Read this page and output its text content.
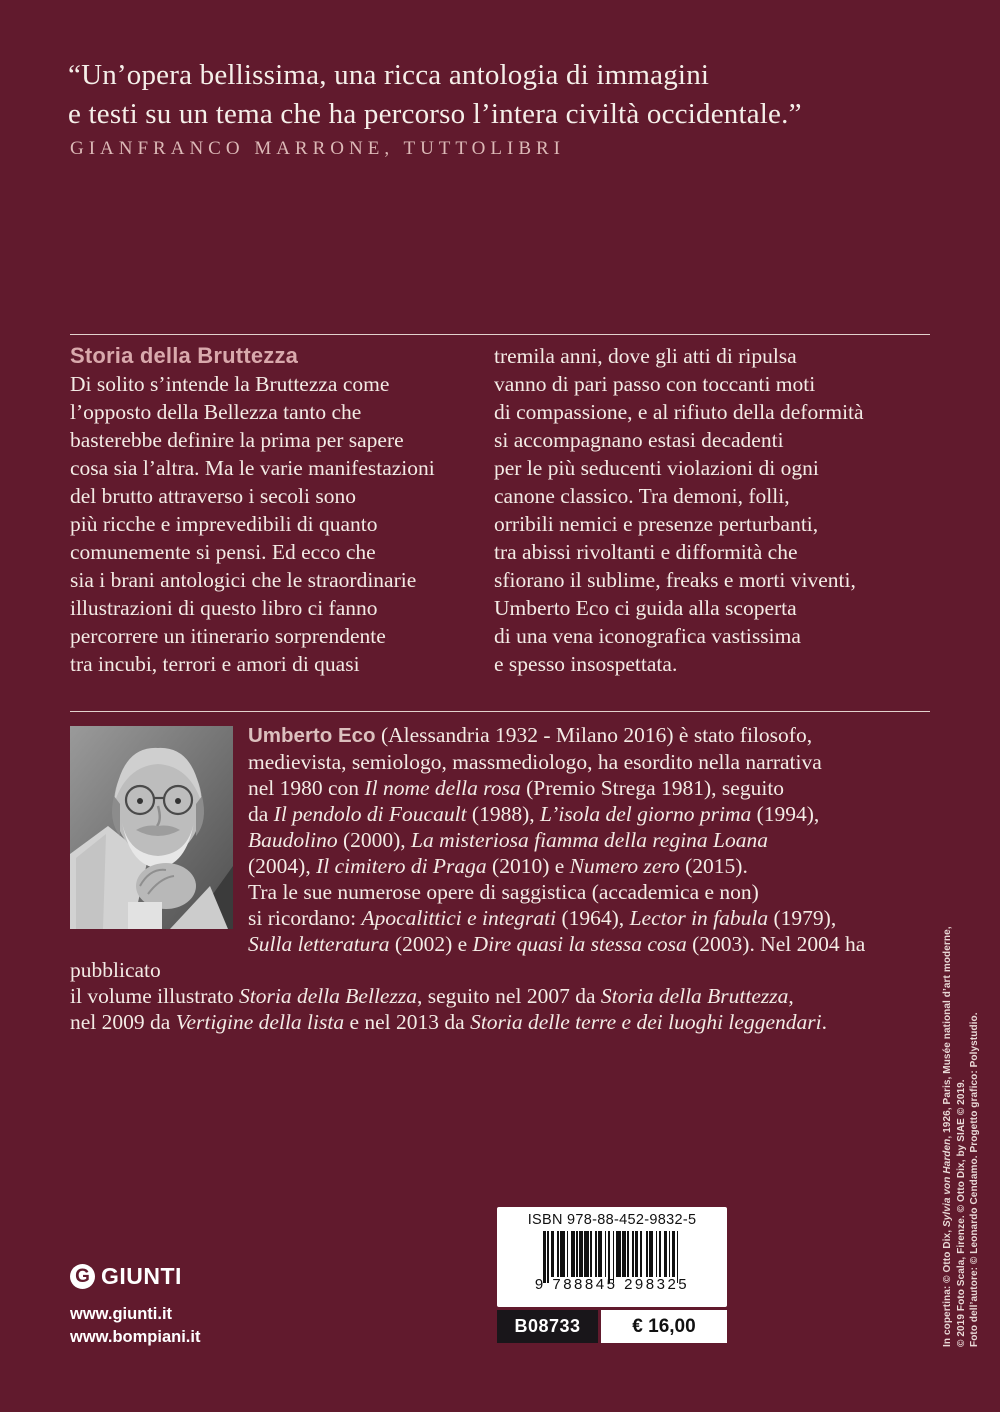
“Un’opera bellissima, una ricca antologia di immagini
e testi su un tema che ha percorso l’intera civiltà occidentale.”
GIANFRANCO MARRONE, TUTTOLIBRI
Storia della Bruttezza
Di solito s’intende la Bruttezza come
l’opposto della Bellezza tanto che
basterebbe definire la prima per sapere
cosa sia l’altra. Ma le varie manifestazioni
del brutto attraverso i secoli sono
più ricche e imprevedibili di quanto
comunemente si pensi. Ed ecco che
sia i brani antologici che le straordinarie
illustrazioni di questo libro ci fanno
percorrere un itinerario sorprendente
tra incubi, terrori e amori di quasi
tremila anni, dove gli atti di ripulsa
vanno di pari passo con toccanti moti
di compassione, e al rifiuto della deformità
si accompagnano estasi decadenti
per le più seducenti violazioni di ogni
canone classico. Tra demoni, folli,
orribili nemici e presenze perturbanti,
tra abissi rivoltanti e difformità che
sfiorano il sublime, freaks e morti viventi,
Umberto Eco ci guida alla scoperta
di una vena iconografica vastissima
e spesso insospettata.
Umberto Eco (Alessandria 1932 - Milano 2016) è stato filosofo,
medievista, semiologo, massmediologo, ha esordito nella narrativa
nel 1980 con Il nome della rosa (Premio Strega 1981), seguito
da Il pendolo di Foucault (1988), L’isola del giorno prima (1994),
Baudolino (2000), La misteriosa fiamma della regina Loana
(2004), Il cimitero di Praga (2010) e Numero zero (2015).
Tra le sue numerose opere di saggistica (accademica e non)
si ricordano: Apocalittici e integrati (1964), Lector in fabula (1979),
Sulla letteratura (2002) e Dire quasi la stessa cosa (2003). Nel 2004 ha pubblicato
il volume illustrato Storia della Bellezza, seguito nel 2007 da Storia della Bruttezza,
nel 2009 da Vertigine della lista e nel 2013 da Storia delle terre e dei luoghi leggendari.
In copertina: © Otto Dix, Sylvia von Harden, 1926, Paris, Musée national d’art moderne,
© 2019 Foto Scala, Firenze. © Otto Dix, by SIAE © 2019. Foto dell’autore: © Leonardo Cendamo. Progetto grafico: Polystudio.
G GIUNTI
www.giunti.it
www.bompiani.it
ISBN 978-88-452-9832-5
9 788845 298325
B08733	€ 16,00
